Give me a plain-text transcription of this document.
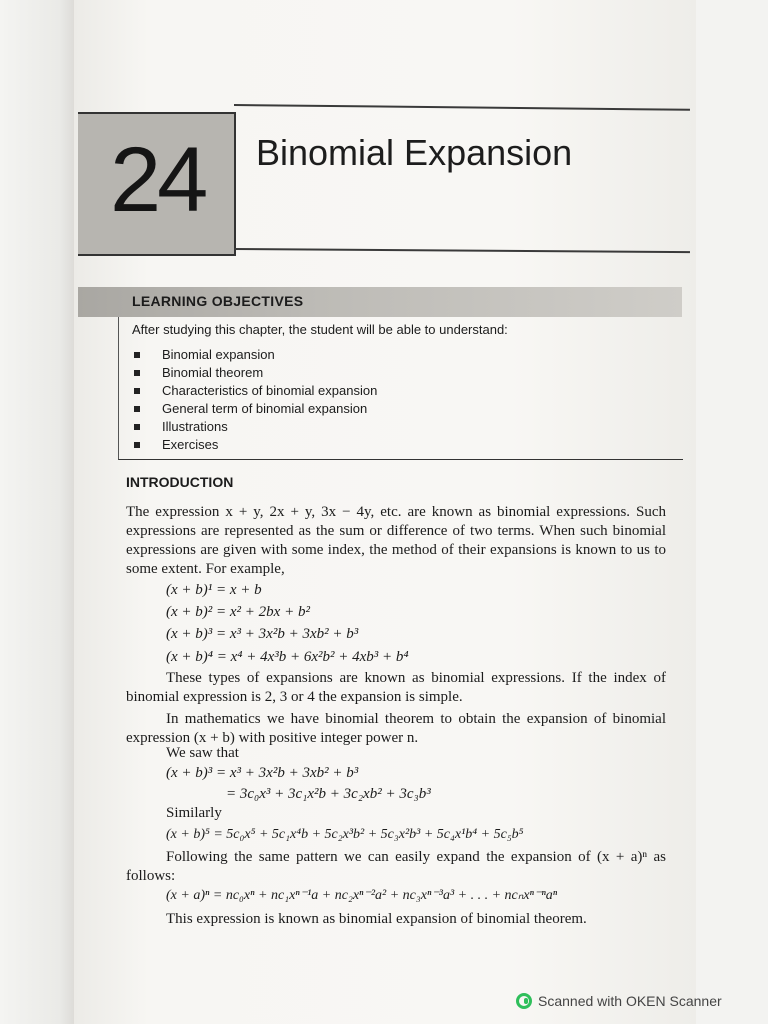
24 Binomial Expansion
LEARNING OBJECTIVES
After studying this chapter, the student will be able to understand:
Binomial expansion
Binomial theorem
Characteristics of binomial expansion
General term of binomial expansion
Illustrations
Exercises
INTRODUCTION

The expression x + y, 2x + y, 3x − 4y, etc. are known as binomial expressions. Such expressions are represented as the sum or difference of two terms. When such binomial expressions are given with some index, the method of their expansions is known to us to some extent. For example,

(x + b)¹ = x + b
(x + b)² = x² + 2bx + b²
(x + b)³ = x³ + 3x²b + 3xb² + b³
(x + b)⁴ = x⁴ + 4x³b + 6x²b² + 4xb³ + b⁴

These types of expansions are known as binomial expressions. If the index of binomial expression is 2, 3 or 4 the expansion is simple.

In mathematics we have binomial theorem to obtain the expansion of binomial expression (x + b) with positive integer power n.

We saw that
(x + b)³ = x³ + 3x²b + 3xb² + b³
= 3c₀x³ + 3c₁x²b + 3c₂xb² + 3c₃b³
Similarly
(x + b)⁵ = 5c₀x⁵ + 5c₁x⁴b + 5c₂x³b² + 5c₃x²b³ + 5c₄x¹b⁴ + 5c₅b⁵

Following the same pattern we can easily expand the expansion of (x + a)ⁿ as follows:

(x + a)ⁿ = nc₀xⁿ + nc₁xⁿ⁻¹a + nc₂xⁿ⁻²a² + nc₃xⁿ⁻³a³ + . . . + ncₙxⁿ⁻ⁿaⁿ
This expression is known as binomial expansion of binomial theorem.
Scanned with OKEN Scanner
